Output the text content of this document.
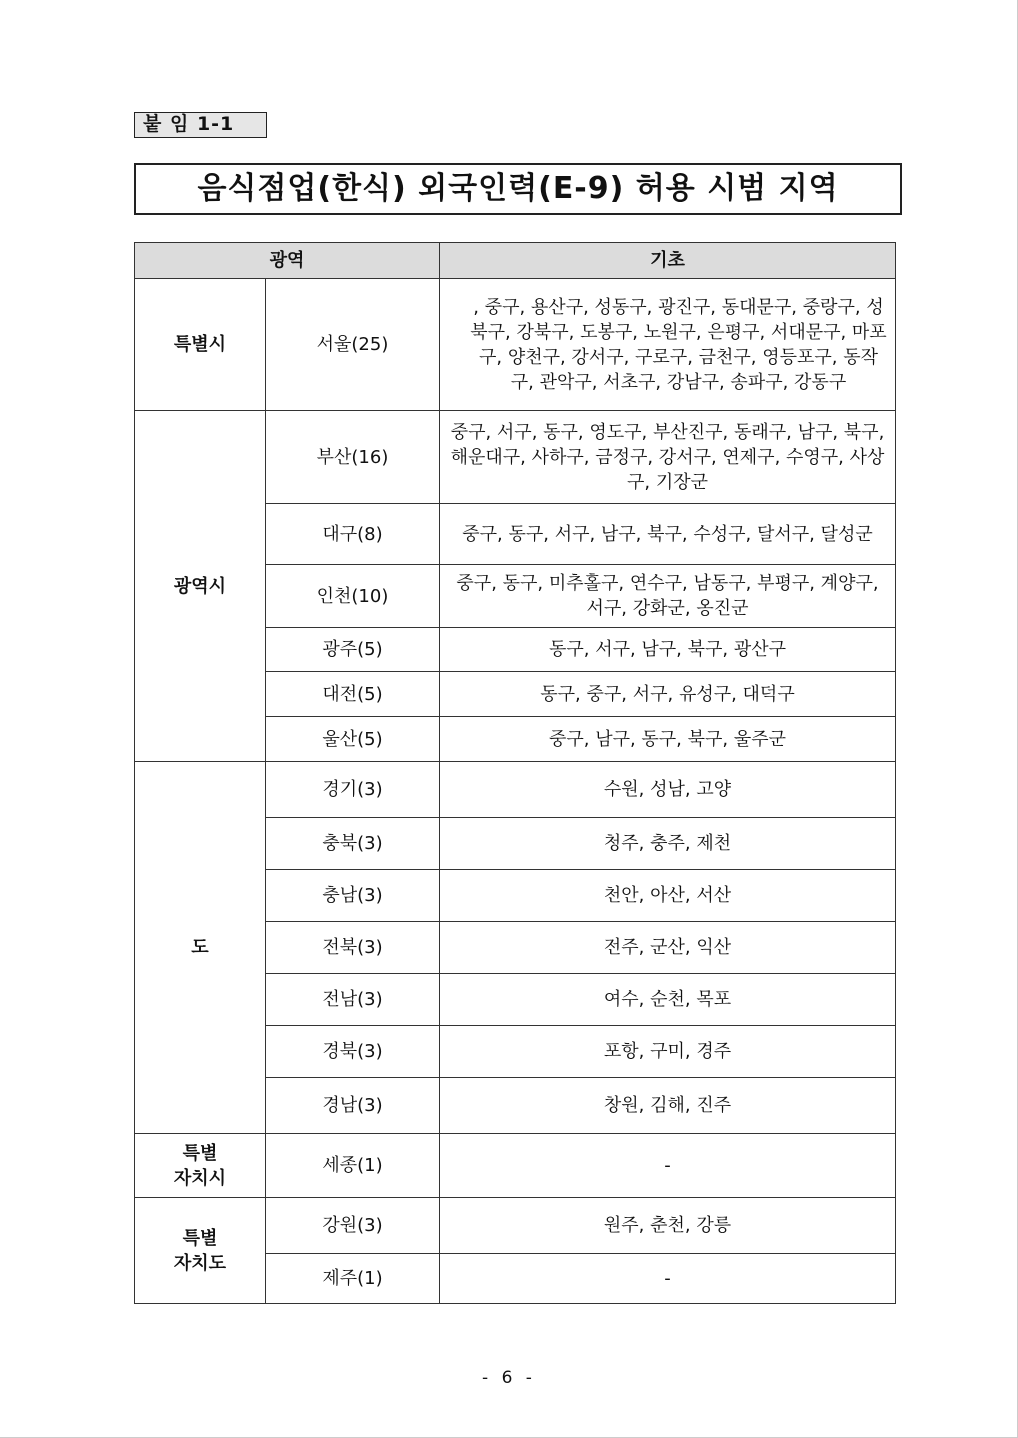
붙 임 1-1
음식점업(한식) 외국인력(E-9) 허용 시범 지역
광역		기초
특별시	서울(25)	, 중구, 용산구, 성동구, 광진구, 동대문구, 중랑구, 성북구, 강북구, 도봉구, 노원구, 은평구, 서대문구, 마포구, 양천구, 강서구, 구로구, 금천구, 영등포구, 동작구, 관악구, 서초구, 강남구, 송파구, 강동구
광역시	부산(16)	중구, 서구, 동구, 영도구, 부산진구, 동래구, 남구, 북구, 해운대구, 사하구, 금정구, 강서구, 연제구, 수영구, 사상구, 기장군
	대구(8)	중구, 동구, 서구, 남구, 북구, 수성구, 달서구, 달성군
	인천(10)	중구, 동구, 미추홀구, 연수구, 남동구, 부평구, 계양구, 서구, 강화군, 옹진군
	광주(5)	동구, 서구, 남구, 북구, 광산구
	대전(5)	동구, 중구, 서구, 유성구, 대덕구
	울산(5)	중구, 남구, 동구, 북구, 울주군
도	경기(3)	수원, 성남, 고양
	충북(3)	청주, 충주, 제천
	충남(3)	천안, 아산, 서산
	전북(3)	전주, 군산, 익산
	전남(3)	여수, 순천, 목포
	경북(3)	포항, 구미, 경주
	경남(3)	창원, 김해, 진주
특별
자치시	세종(1)	-
특별
자치도	강원(3)	원주, 춘천, 강릉
	제주(1)	-
- 6 -
